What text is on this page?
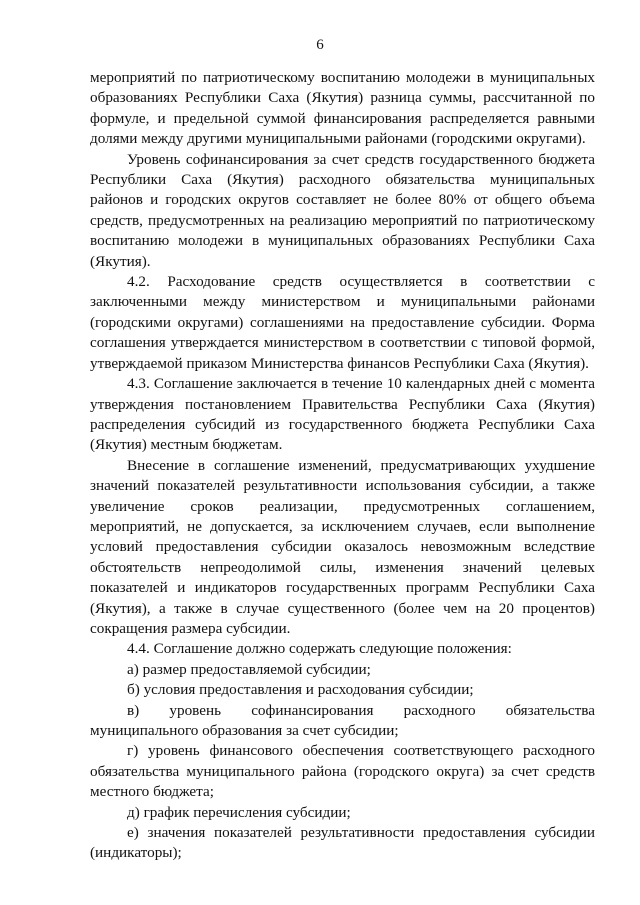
6

мероприятий по патриотическому воспитанию молодежи в муниципальных образованиях Республики Саха (Якутия) разница суммы, рассчитанной по формуле, и предельной суммой финансирования распределяется равными долями между другими муниципальными районами (городскими округами).

Уровень софинансирования за счет средств государственного бюджета Республики Саха (Якутия) расходного обязательства муниципальных районов и городских округов составляет не более 80% от общего объема средств, предусмотренных на реализацию мероприятий по патриотическому воспитанию молодежи в муниципальных образованиях Республики Саха (Якутия).

4.2. Расходование средств осуществляется в соответствии с заключенными между министерством и муниципальными районами (городскими округами) соглашениями на предоставление субсидии. Форма соглашения утверждается министерством в соответствии с типовой формой, утверждаемой приказом Министерства финансов Республики Саха (Якутия).

4.3. Соглашение заключается в течение 10 календарных дней с момента утверждения постановлением Правительства Республики Саха (Якутия) распределения субсидий из государственного бюджета Республики Саха (Якутия) местным бюджетам.

Внесение в соглашение изменений, предусматривающих ухудшение значений показателей результативности использования субсидии, а также увеличение сроков реализации, предусмотренных соглашением, мероприятий, не допускается, за исключением случаев, если выполнение условий предоставления субсидии оказалось невозможным вследствие обстоятельств непреодолимой силы, изменения значений целевых показателей и индикаторов государственных программ Республики Саха (Якутия), а также в случае существенного (более чем на 20 процентов) сокращения размера субсидии.

4.4. Соглашение должно содержать следующие положения:

а) размер предоставляемой субсидии;

б) условия предоставления и расходования субсидии;

в) уровень софинансирования расходного обязательства муниципального образования за счет субсидии;

г) уровень финансового обеспечения соответствующего расходного обязательства муниципального района (городского округа) за счет средств местного бюджета;

д) график перечисления субсидии;

е) значения показателей результативности предоставления субсидии (индикаторы);
